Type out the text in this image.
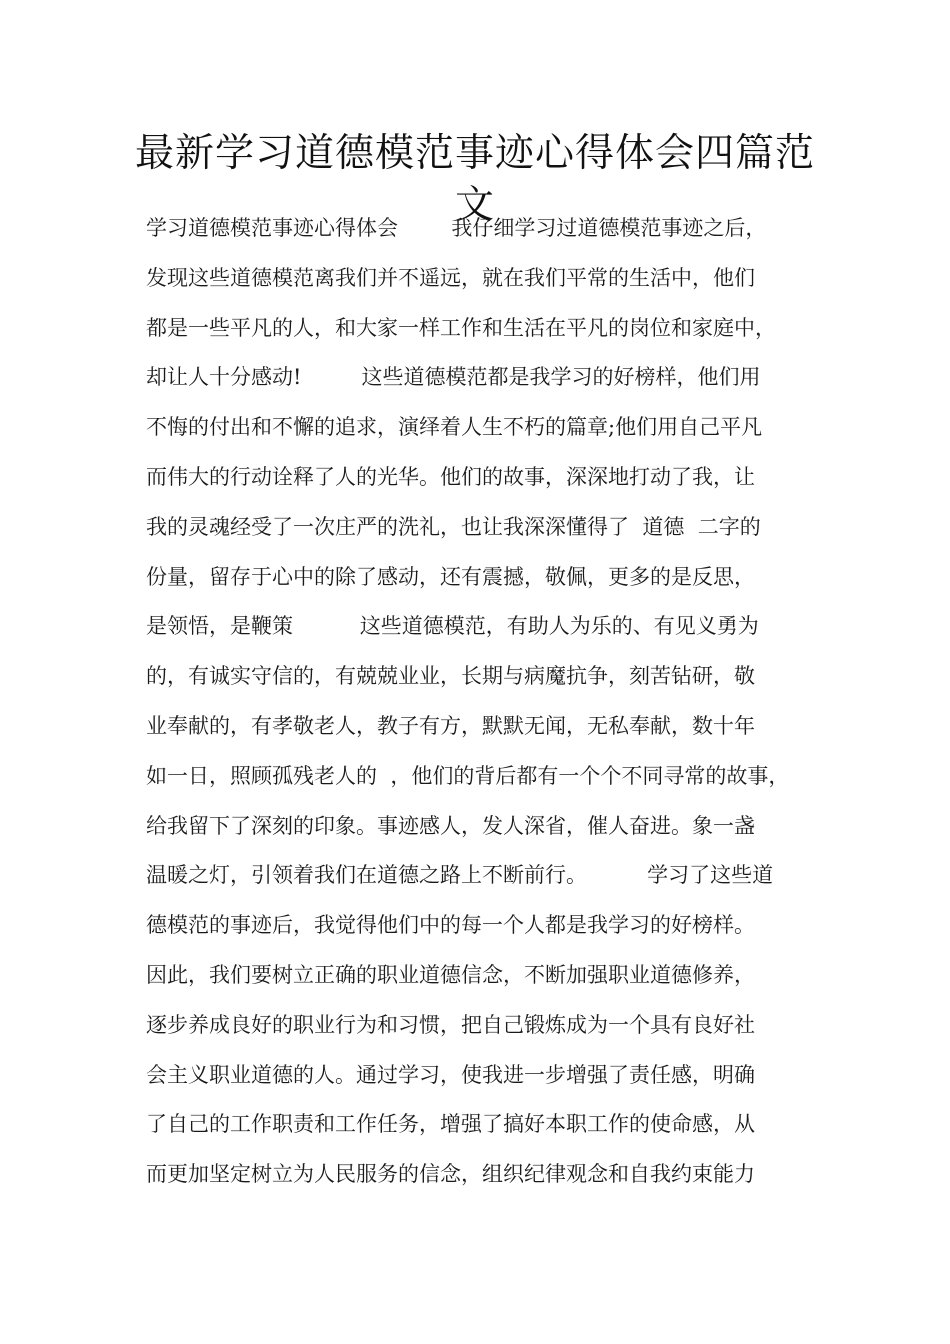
最新学习道德模范事迹心得体会四篇范
文
学习道德模范事迹心得体会        我仔细学习过道德模范事迹之后，
发现这些道德模范离我们并不遥远，就在我们平常的生活中，他们
都是一些平凡的人，和大家一样工作和生活在平凡的岗位和家庭中，
却让人十分感动!         这些道德模范都是我学习的好榜样，他们用
不悔的付出和不懈的追求，演绎着人生不朽的篇章;他们用自己平凡
而伟大的行动诠释了人的光华。他们的故事，深深地打动了我，让
我的灵魂经受了一次庄严的洗礼，也让我深深懂得了  道德  二字的
份量，留存于心中的除了感动，还有震撼，敬佩，更多的是反思，
是领悟，是鞭策          这些道德模范，有助人为乐的、有见义勇为
的，有诚实守信的，有兢兢业业，长期与病魔抗争，刻苦钻研，敬
业奉献的，有孝敬老人，教子有方，默默无闻，无私奉献，数十年
如一日，照顾孤残老人的  ，他们的背后都有一个个不同寻常的故事，
给我留下了深刻的印象。事迹感人，发人深省，催人奋进。象一盏
温暖之灯，引领着我们在道德之路上不断前行。         学习了这些道
德模范的事迹后，我觉得他们中的每一个人都是我学习的好榜样。
因此，我们要树立正确的职业道德信念，不断加强职业道德修养，
逐步养成良好的职业行为和习惯，把自己锻炼成为一个具有良好社
会主义职业道德的人。通过学习，使我进一步增强了责任感，明确
了自己的工作职责和工作任务，增强了搞好本职工作的使命感，从
而更加坚定树立为人民服务的信念，组织纪律观念和自我约束能力
